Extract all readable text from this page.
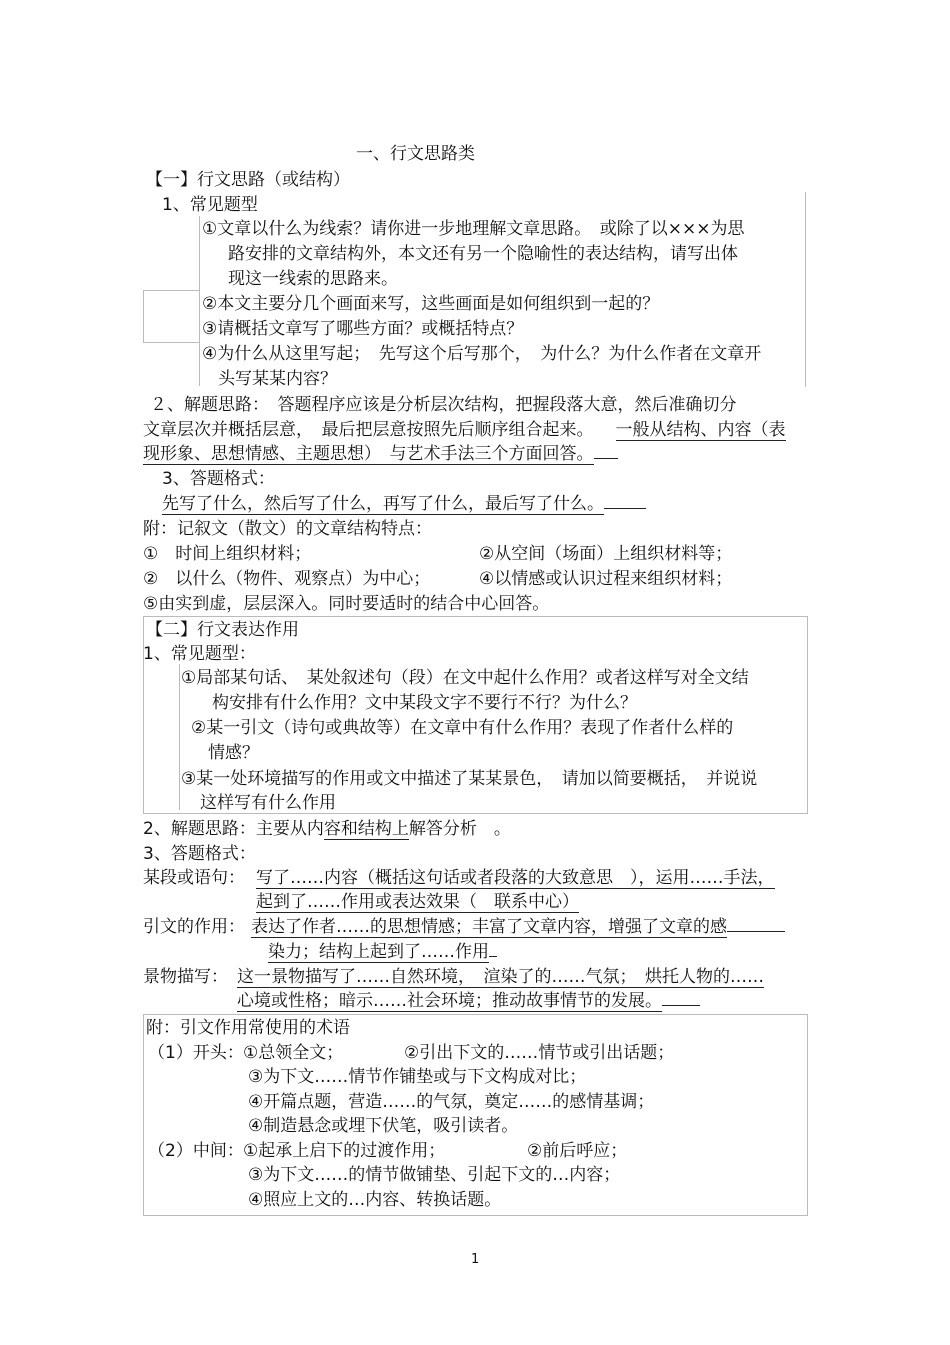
一、行文思路类
【一】行文思路（或结构）
1、常见题型
①文章以什么为线索？请你进一步地理解文章思路。　或除了以×××为思
路安排的文章结构外，本文还有另一个隐喻性的表达结构，请写出体
现这一线索的思路来。
②本文主要分几个画面来写，这些画面是如何组织到一起的？
③请概括文章写了哪些方面？或概括特点？
④为什么从这里写起；　先写这个后写那个，　为什么？为什么作者在文章开
头写某某内容？
２、解题思路：　答题程序应该是分析层次结构，把握段落大意，然后准确切分
文章层次并概括层意，　最后把层意按照先后顺序组合起来。 一般从结构、内容（表
现形象、思想情感、主题思想）　与艺术手法三个方面回答。
3、答题格式：
先写了什么，然后写了什么，再写了什么，最后写了什么。
附：记叙文（散文）的文章结构特点：
①　时间上组织材料；	②从空间（场面）上组织材料等；
②　以什么（物件、观察点）为中心；	④以情感或认识过程来组织材料；
⑤由实到虚，层层深入。同时要适时的结合中心回答。
【二】行文表达作用
1、常见题型：
①局部某句话、　某处叙述句（段）在文中起什么作用？或者这样写对全文结
构安排有什么作用？文中某段文字不要行不行？为什么？
②某一引文（诗句或典故等）在文章中有什么作用？表现了作者什么样的
情感？
③某一处环境描写的作用或文中描述了某某景色，　请加以简要概括，　并说说
这样写有什么作用
2、解题思路：主要从内容和结构上解答分析　。
3、答题格式：
某段或语句： 写了……内容（概括这句话或者段落的大致意思　），运用……手法，
起到了……作用或表达效果（　联系中心）
引文的作用： 表达了作者……的思想情感；丰富了文章内容，增强了文章的感
染力；结构上起到了……作用
景物描写： 这一景物描写了……自然环境，　渲染了的……气氛；　烘托人物的……
心境或性格；暗示……社会环境；推动故事情节的发展。
附：引文作用常使用的术语
（1）开头： ①总领全文；	②引出下文的……情节或引出话题；
③为下文……情节作铺垫或与下文构成对比；
④开篇点题，营造……的气氛，奠定……的感情基调；
④制造悬念或埋下伏笔，吸引读者。
（2）中间： ①起承上启下的过渡作用；	②前后呼应；
③为下文……的情节做铺垫、引起下文的…内容；
④照应上文的…内容、转换话题。
1
